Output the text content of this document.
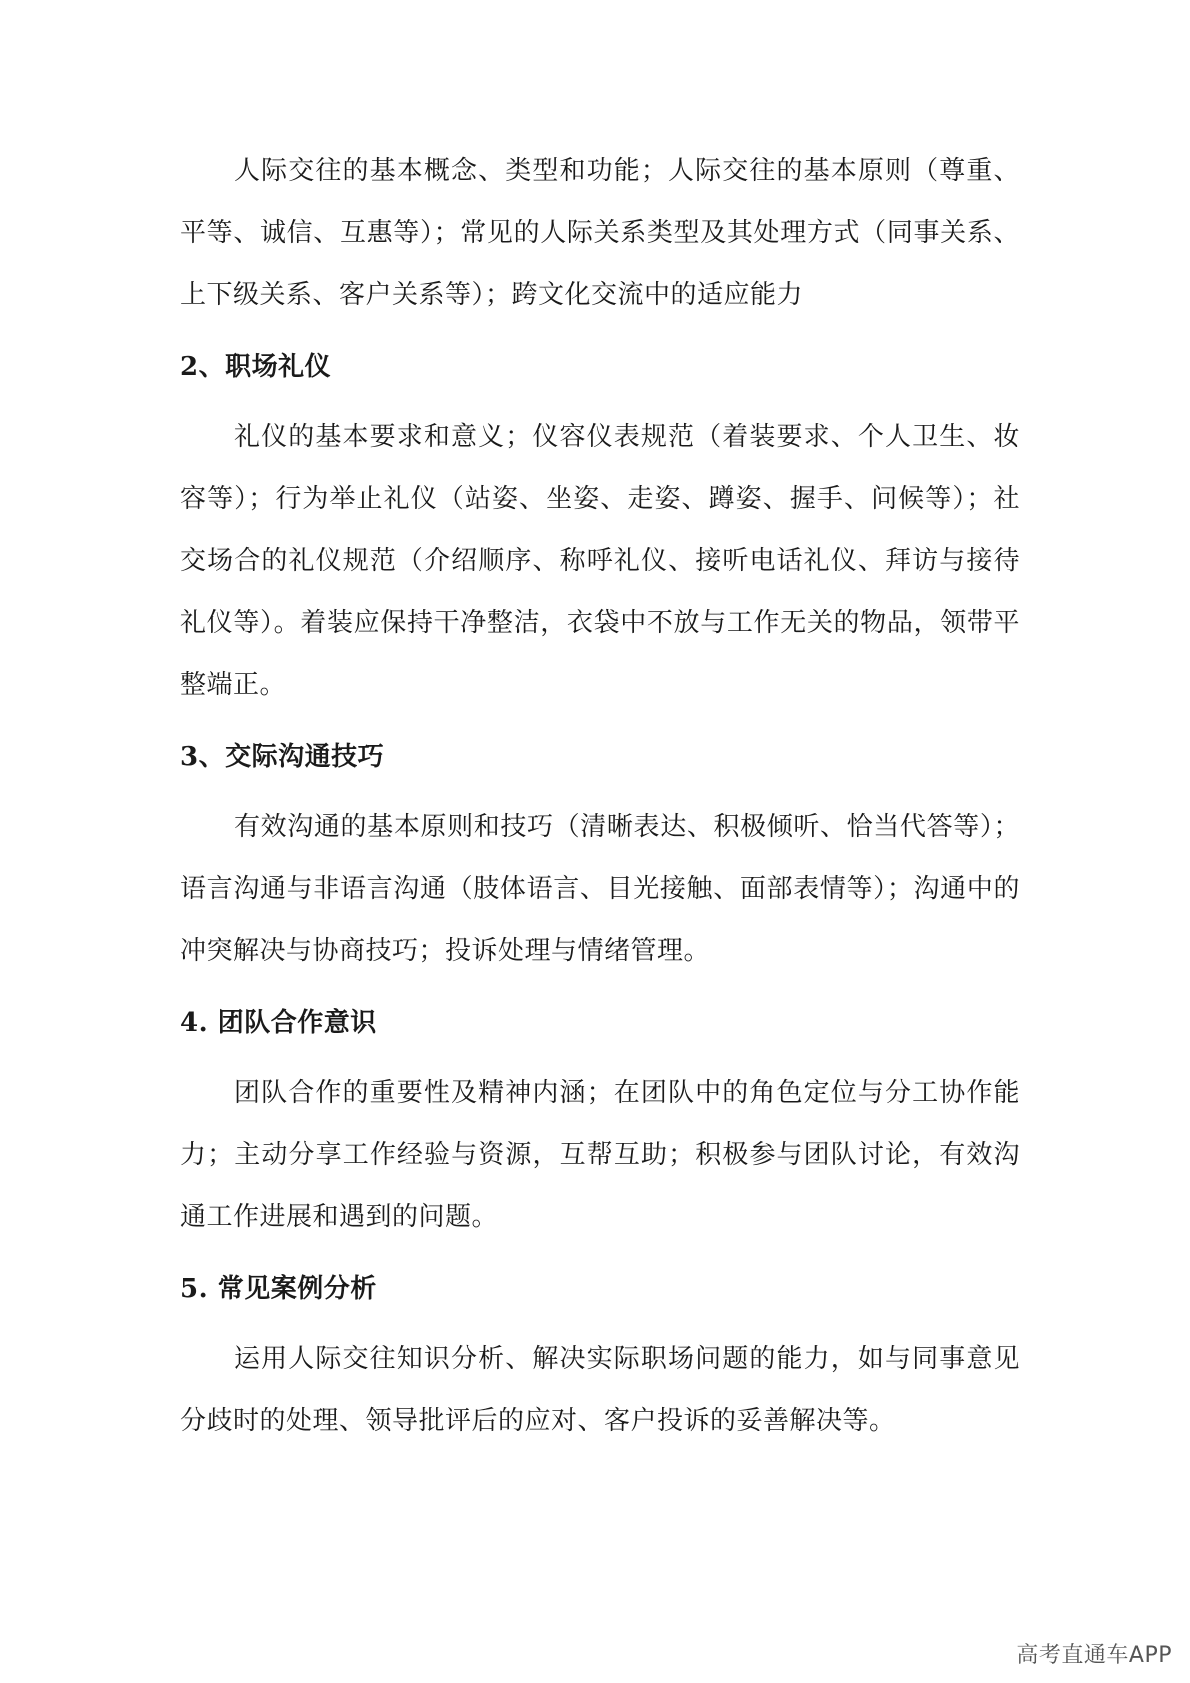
人际交往的基本概念、类型和功能；人际交往的基本原则（尊重、平等、诚信、互惠等）；常见的人际关系类型及其处理方式（同事关系、上下级关系、客户关系等）；跨文化交流中的适应能力

2、职场礼仪

礼仪的基本要求和意义；仪容仪表规范（着装要求、个人卫生、妆容等）；行为举止礼仪（站姿、坐姿、走姿、蹲姿、握手、问候等）；社交场合的礼仪规范（介绍顺序、称呼礼仪、接听电话礼仪、拜访与接待礼仪等）。着装应保持干净整洁，衣袋中不放与工作无关的物品，领带平整端正。

3、交际沟通技巧

有效沟通的基本原则和技巧（清晰表达、积极倾听、恰当代答等）；语言沟通与非语言沟通（肢体语言、目光接触、面部表情等）；沟通中的冲突解决与协商技巧；投诉处理与情绪管理。

4. 团队合作意识

团队合作的重要性及精神内涵；在团队中的角色定位与分工协作能力；主动分享工作经验与资源，互帮互助；积极参与团队讨论，有效沟通工作进展和遇到的问题。

5. 常见案例分析

运用人际交往知识分析、解决实际职场问题的能力，如与同事意见分歧时的处理、领导批评后的应对、客户投诉的妥善解决等。

高考直通车APP
